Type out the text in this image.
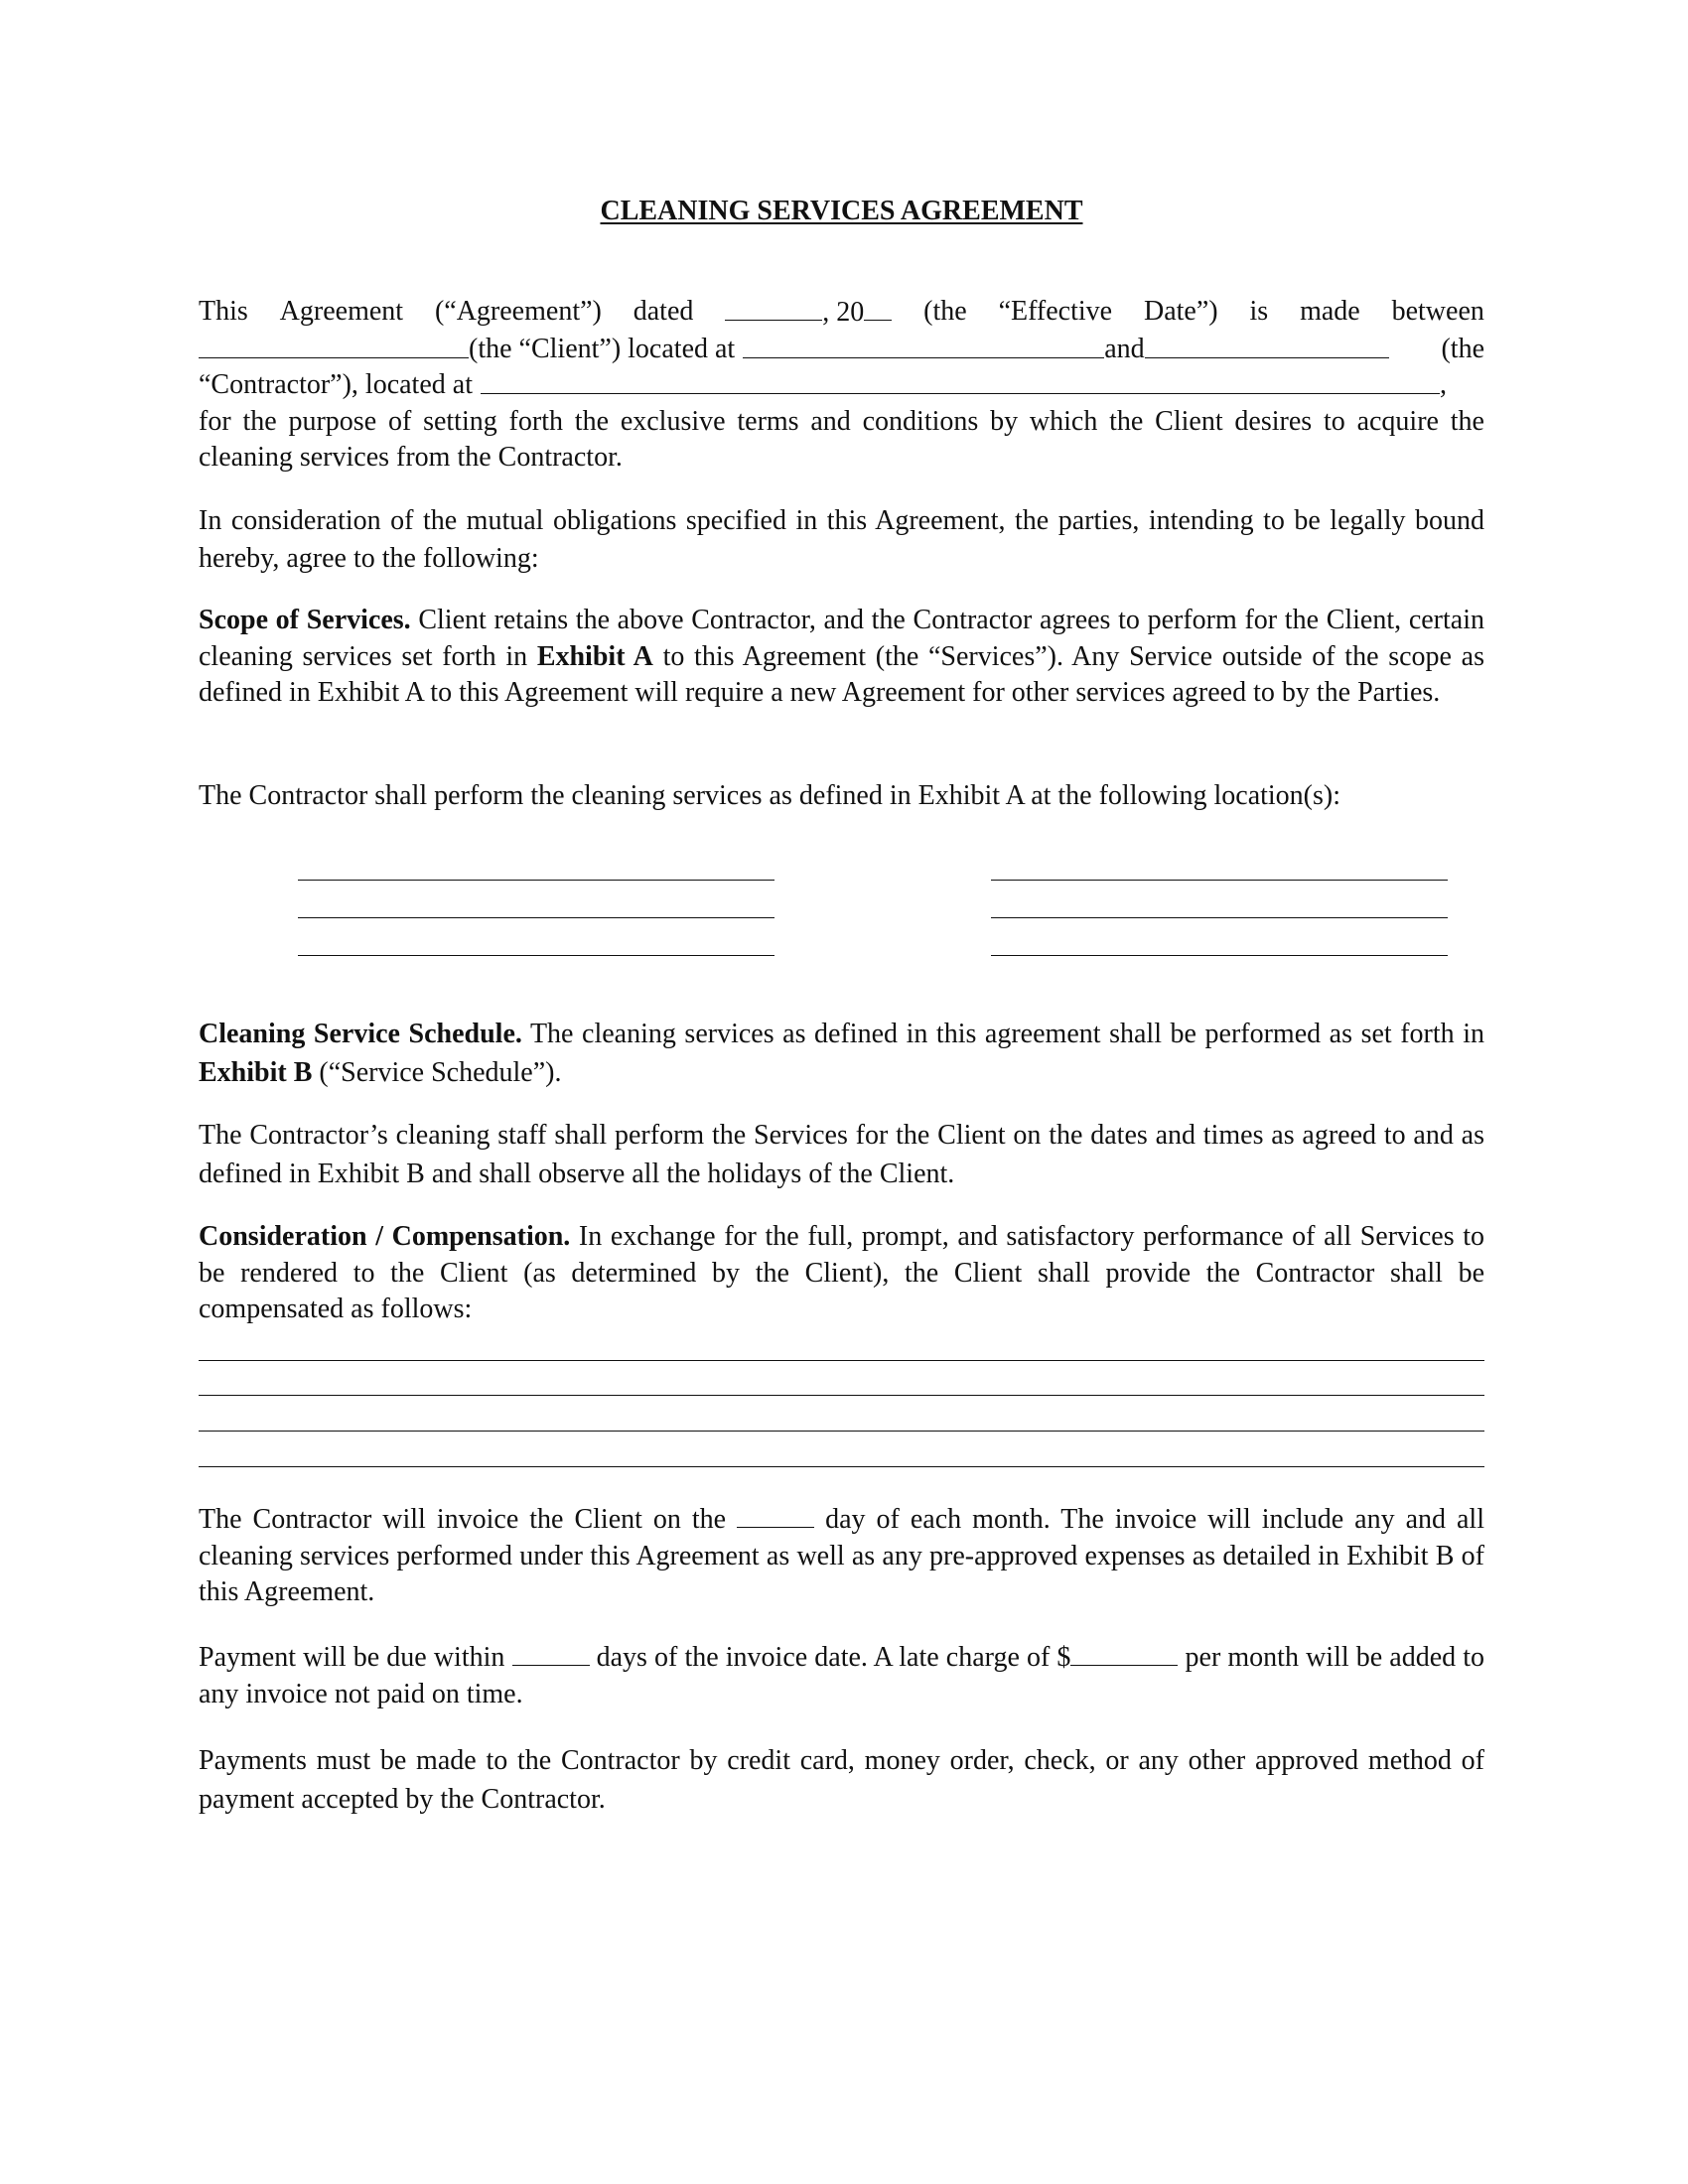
CLEANING SERVICES AGREEMENT
This Agreement (“Agreement”) dated	, 20	(the “Effective Date”) is made between
(the “Client”) located at	and	(the
“Contractor”), located at	,
for the purpose of setting forth the exclusive terms and conditions by which the Client desires to acquire the cleaning services from the Contractor.

In consideration of the mutual obligations specified in this Agreement, the parties, intending to be legally bound hereby, agree to the following:

Scope of Services. Client retains the above Contractor, and the Contractor agrees to perform for the Client, certain cleaning services set forth in Exhibit A to this Agreement (the “Services”). Any Service outside of the scope as defined in Exhibit A to this Agreement will require a new Agreement for other services agreed to by the Parties.

The Contractor shall perform the cleaning services as defined in Exhibit A at the following location(s):

Cleaning Service Schedule. The cleaning services as defined in this agreement shall be performed as set forth in Exhibit B (“Service Schedule”).

The Contractor’s cleaning staff shall perform the Services for the Client on the dates and times as agreed to and as defined in Exhibit B and shall observe all the holidays of the Client.

Consideration / Compensation. In exchange for the full, prompt, and satisfactory performance of all Services to be rendered to the Client (as determined by the Client), the Client shall provide the Contractor shall be compensated as follows:

The Contractor will invoice the Client on the	day of each month. The invoice will include any and all cleaning services performed under this Agreement as well as any pre-approved expenses as detailed in Exhibit B of this Agreement.

Payment will be due within	days of the invoice date. A late charge of $	per month will be added to any invoice not paid on time.

Payments must be made to the Contractor by credit card, money order, check, or any other approved method of payment accepted by the Contractor.
